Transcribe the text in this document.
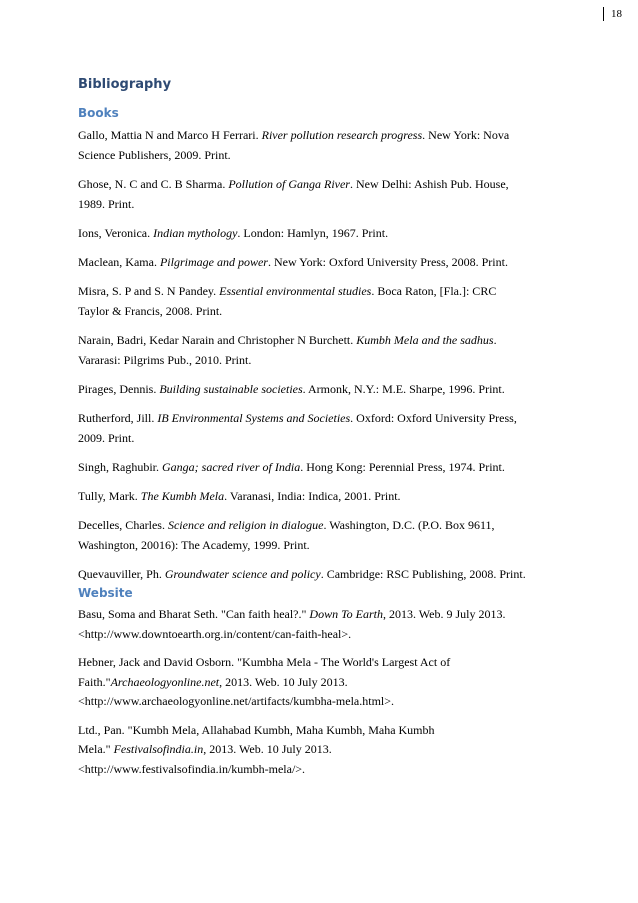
18
Bibliography
Books
Gallo, Mattia N and Marco H Ferrari. River pollution research progress. New York: Nova
Science Publishers, 2009. Print.
Ghose, N. C and C. B Sharma. Pollution of Ganga River. New Delhi: Ashish Pub. House,
1989. Print.
Ions, Veronica. Indian mythology. London: Hamlyn, 1967. Print.
Maclean, Kama. Pilgrimage and power. New York: Oxford University Press, 2008. Print.
Misra, S. P and S. N Pandey. Essential environmental studies. Boca Raton, [Fla.]: CRC
Taylor & Francis, 2008. Print.
Narain, Badri, Kedar Narain and Christopher N Burchett. Kumbh Mela and the sadhus.
Vararasi: Pilgrims Pub., 2010. Print.
Pirages, Dennis. Building sustainable societies. Armonk, N.Y.: M.E. Sharpe, 1996. Print.
Rutherford, Jill. IB Environmental Systems and Societies. Oxford: Oxford University Press,
2009. Print.
Singh, Raghubir. Ganga; sacred river of India. Hong Kong: Perennial Press, 1974. Print.
Tully, Mark. The Kumbh Mela. Varanasi, India: Indica, 2001. Print.
Decelles, Charles. Science and religion in dialogue. Washington, D.C. (P.O. Box 9611,
Washington, 20016): The Academy, 1999. Print.
Quevauviller, Ph. Groundwater science and policy. Cambridge: RSC Publishing, 2008. Print.
Website
Basu, Soma and Bharat Seth. "Can faith heal?." Down To Earth, 2013. Web. 9 July 2013.
<http://www.downtoearth.org.in/content/can-faith-heal>.
Hebner, Jack and David Osborn. "Kumbha Mela - The World's Largest Act of
Faith."Archaeologyonline.net, 2013. Web. 10 July 2013.
<http://www.archaeologyonline.net/artifacts/kumbha-mela.html>.
Ltd., Pan. "Kumbh Mela, Allahabad Kumbh, Maha Kumbh, Maha Kumbh
Mela." Festivalsofindia.in, 2013. Web. 10 July 2013.
<http://www.festivalsofindia.in/kumbh-mela/>.
